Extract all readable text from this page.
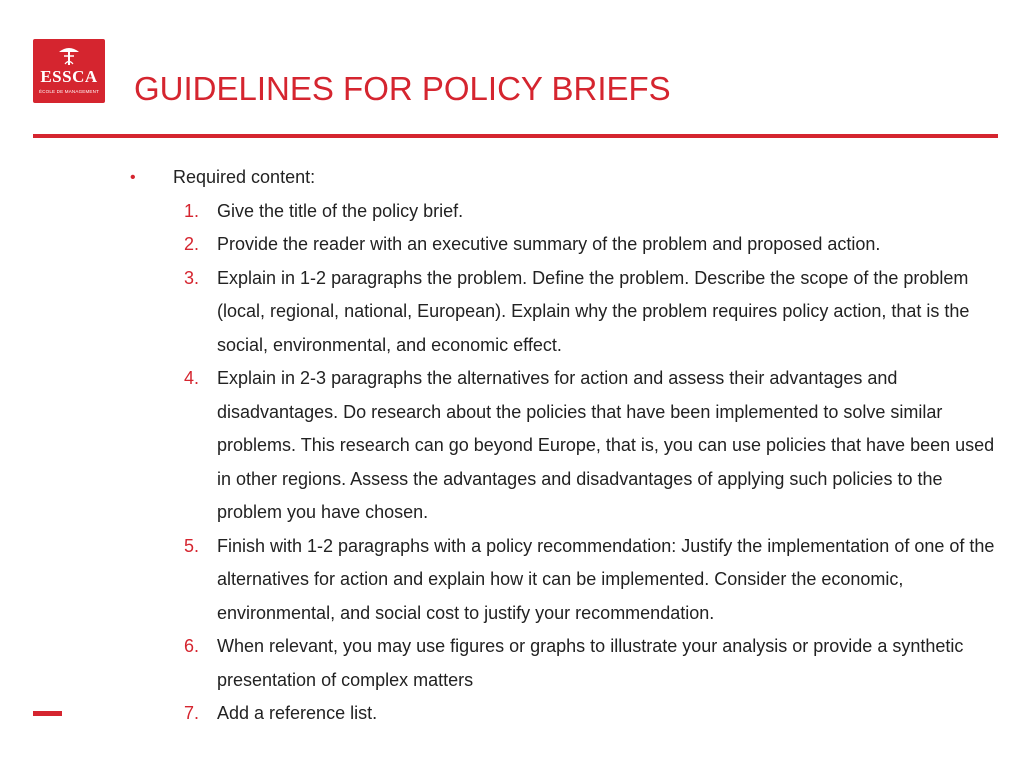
ESSCA
ÉCOLE DE MANAGEMENT GUIDELINES FOR POLICY BRIEFS
• Required content:
1. Give the title of the policy brief.
2. Provide the reader with an executive summary of the problem and proposed action.
3. Explain in 1-2 paragraphs the problem. Define the problem. Describe the scope of the problem (local, regional, national, European). Explain why the problem requires policy action, that is the social, environmental, and economic effect.
4. Explain in 2-3 paragraphs the alternatives for action and assess their advantages and disadvantages. Do research about the policies that have been implemented to solve similar problems. This research can go beyond Europe, that is, you can use policies that have been used in other regions. Assess the advantages and disadvantages of applying such policies to the problem you have chosen.
5. Finish with 1-2 paragraphs with a policy recommendation: Justify the implementation of one of the alternatives for action and explain how it can be implemented. Consider the economic, environmental, and social cost to justify your recommendation.
6. When relevant, you may use figures or graphs to illustrate your analysis or provide a synthetic presentation of complex matters
7. Add a reference list.
